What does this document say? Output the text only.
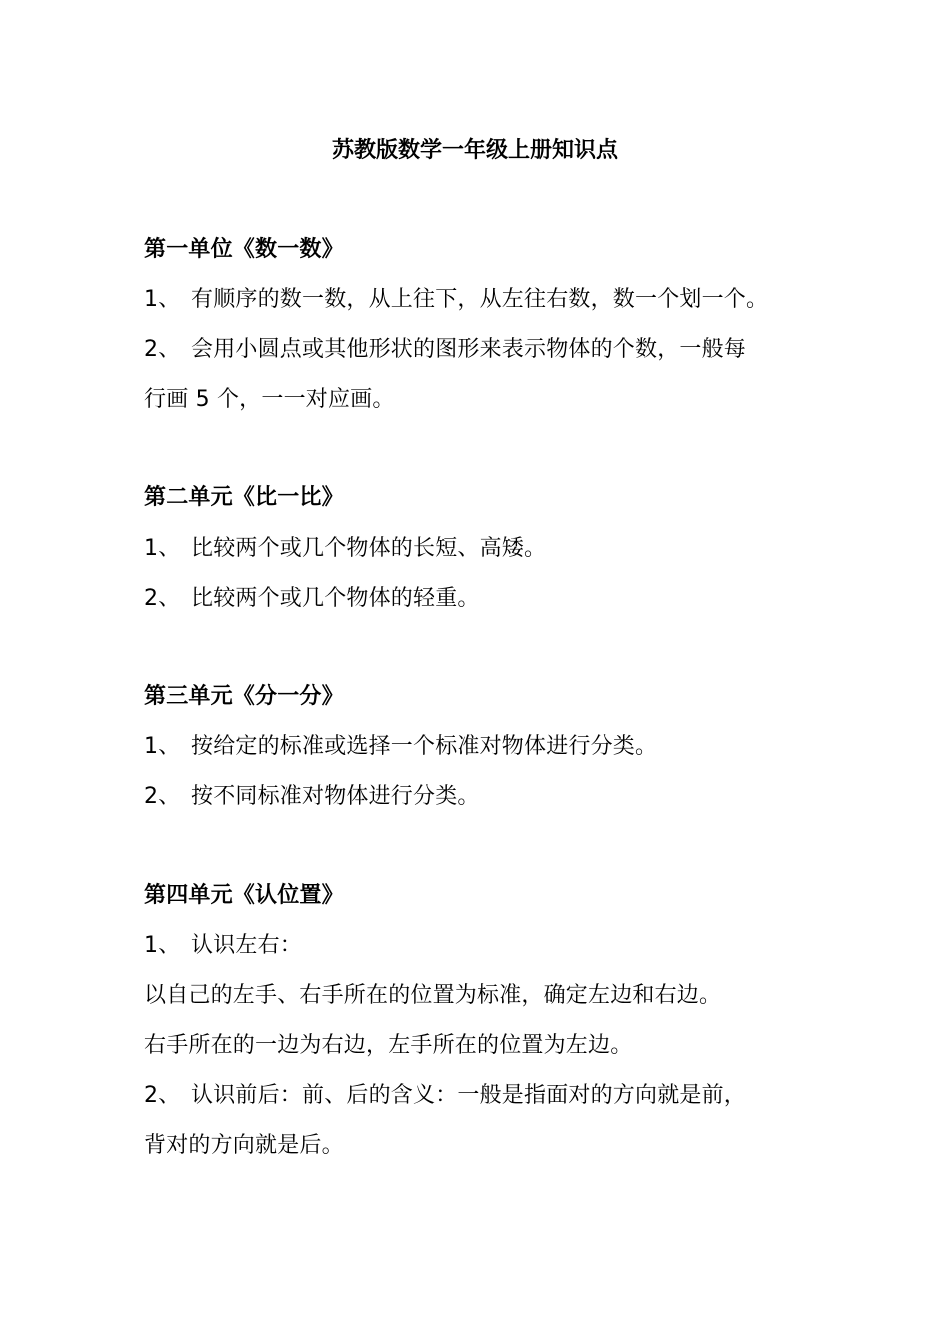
苏教版数学一年级上册知识点
第一单位《数一数》
1、 有顺序的数一数，从上往下，从左往右数，数一个划一个。
2、 会用小圆点或其他形状的图形来表示物体的个数，一般每
行画 5 个，一一对应画。
第二单元《比一比》
1、 比较两个或几个物体的长短、高矮。
2、 比较两个或几个物体的轻重。
第三单元《分一分》
1、 按给定的标准或选择一个标准对物体进行分类。
2、 按不同标准对物体进行分类。
第四单元《认位置》
1、 认识左右：
以自己的左手、右手所在的位置为标准，确定左边和右边。
右手所在的一边为右边，左手所在的位置为左边。
2、 认识前后：前、后的含义：一般是指面对的方向就是前，
背对的方向就是后。
